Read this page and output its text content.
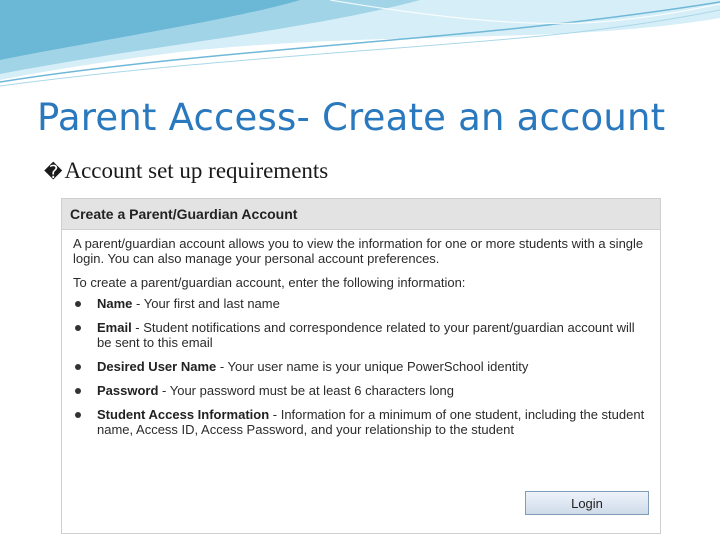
Parent Access- Create an account
�Account set up requirements
Create a Parent/Guardian Account

A parent/guardian account allows you to view the information for one or more students with a single login. You can also manage your personal account preferences.

To create a parent/guardian account, enter the following information:

Name - Your first and last name
Email - Student notifications and correspondence related to your parent/guardian account will be sent to this email
Desired User Name - Your user name is your unique PowerSchool identity
Password - Your password must be at least 6 characters long
Student Access Information - Information for a minimum of one student, including the student name, Access ID, Access Password, and your relationship to the student
Login
